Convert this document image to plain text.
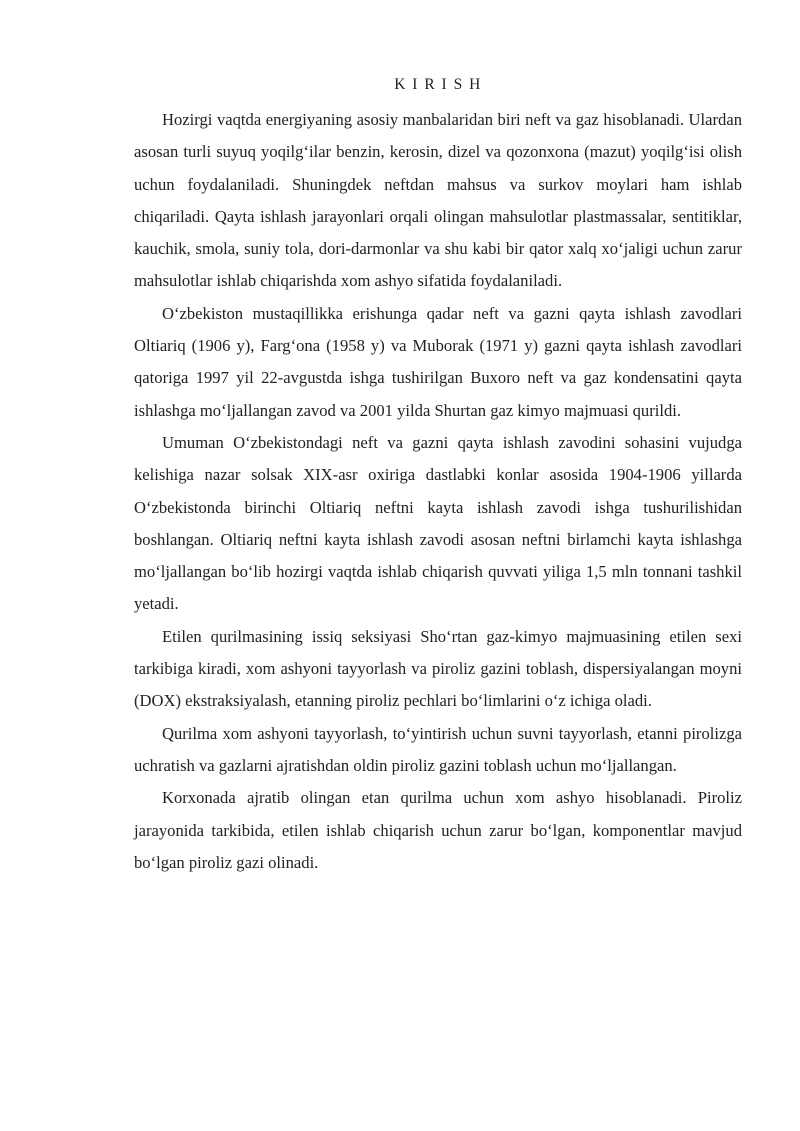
K I R I S H

Hozirgi vaqtda energiyaning asosiy manbalaridan biri neft va gaz hisoblanadi. Ulardan asosan turli suyuq yoqilg‘ilar benzin, kerosin, dizel va qozonxona (mazut) yoqilg‘isi olish uchun foydalaniladi. Shuningdek neftdan mahsus va surkov moylari ham ishlab chiqariladi. Qayta ishlash jarayonlari orqali olingan mahsulotlar plastmassalar, sentitiklar, kauchik, smola, suniy tola, dori-darmonlar va shu kabi bir qator xalq xo‘jaligi uchun zarur mahsulotlar ishlab chiqarishda xom ashyo sifatida foydalaniladi.

O‘zbekiston mustaqillikka erishunga qadar neft va gazni qayta ishlash zavodlari Oltiariq (1906 y), Farg‘ona (1958 y) va Muborak (1971 y) gazni qayta ishlash zavodlari qatoriga 1997 yil 22-avgustda ishga tushirilgan Buxoro neft va gaz kondensatini qayta ishlashga mo‘ljallangan zavod va 2001 yilda Shurtan gaz kimyo majmuasi qurildi.

Umuman O‘zbekistondagi neft va gazni qayta ishlash zavodini sohasini vujudga kelishiga nazar solsak XIX-asr oxiriga dastlabki konlar asosida 1904-1906 yillarda O‘zbekistonda birinchi Oltiariq neftni kayta ishlash zavodi ishga tushurilishidan boshlangan. Oltiariq neftni kayta ishlash zavodi asosan neftni birlamchi kayta ishlashga mo‘ljallangan bo‘lib hozirgi vaqtda ishlab chiqarish quvvati yiliga 1,5 mln tonnani tashkil yetadi.

Etilen qurilmasining issiq seksiyasi Sho‘rtan gaz-kimyo majmuasining etilen sexi tarkibiga kiradi, xom ashyoni tayyorlash va piroliz gazini toblash, dispersiyalangan moyni (DOX) ekstraksiyalash, etanning piroliz pechlari bo‘limlarini o‘z ichiga oladi.

Qurilma xom ashyoni tayyorlash, to‘yintirish uchun suvni tayyorlash, etanni pirolizga uchratish va gazlarni ajratishdan oldin piroliz gazini toblash uchun mo‘ljallangan.

Korxonada ajratib olingan etan qurilma uchun xom ashyo hisoblanadi. Piroliz jarayonida tarkibida, etilen ishlab chiqarish uchun zarur bo‘lgan, komponentlar mavjud bo‘lgan piroliz gazi olinadi.
